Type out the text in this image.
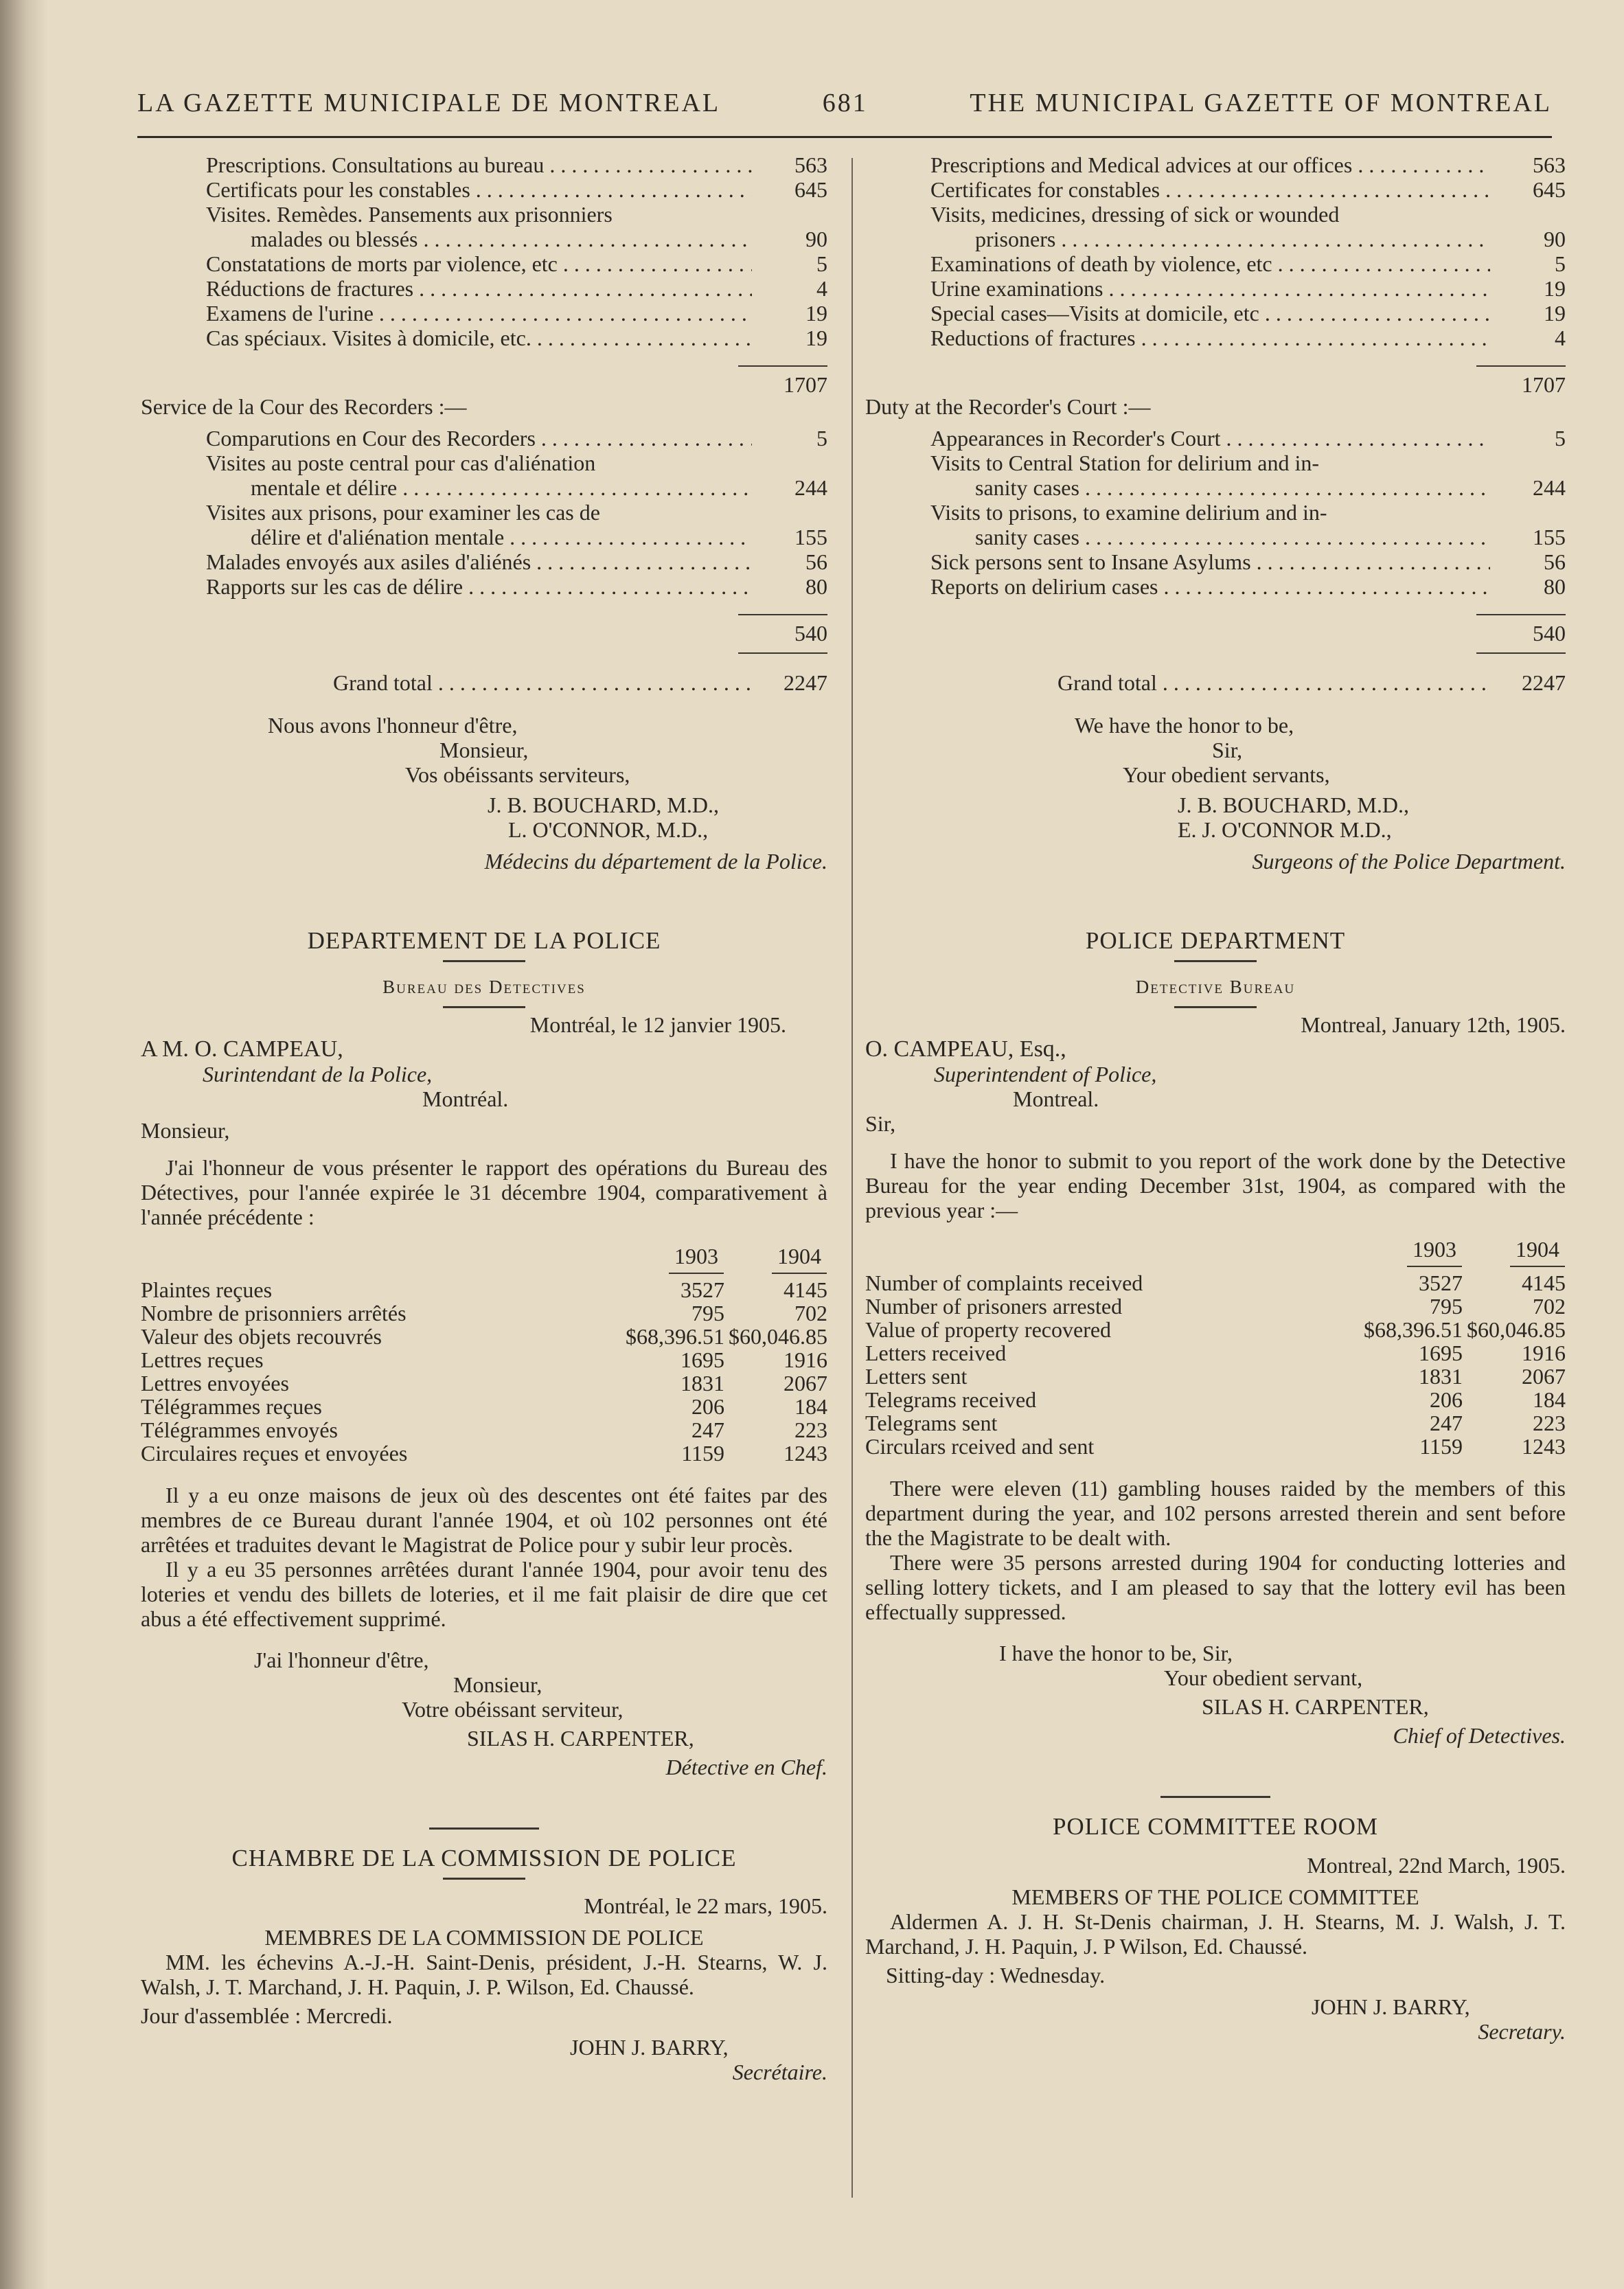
LA GAZETTE MUNICIPALE DE MONTREAL	681	THE MUNICIPAL GAZETTE OF MONTREAL
Prescriptions. Consultations au bureau . . .	563
Certificats pour les constables . . .	645
Visites. Remèdes. Pansements aux prisonniers
malades ou blessés . . .	90
Constatations de morts par violence, etc . . .	5
Réductions de fractures . . .	4
Examens de l'urine . . .	19
Cas spéciaux. Visites à domicile, etc. . . .	19
1707
Service de la Cour des Recorders :—
Comparutions en Cour des Recorders . . .	5
Visites au poste central pour cas d'aliénation
mentale et délire . . .	244
Visites aux prisons, pour examiner les cas de
délire et d'aliénation mentale . . .	155
Malades envoyés aux asiles d'aliénés . . .	56
Rapports sur les cas de délire . . .	80
540
Grand total . . .	2247
Nous avons l'honneur d'être,
Monsieur,
Vos obéissants serviteurs,
J. B. BOUCHARD, M.D.,
L. O'CONNOR, M.D.,
Médecins du département de la Police.
DEPARTEMENT DE LA POLICE
Bureau des Detectives
Montréal, le 12 janvier 1905.
A M. O. CAMPEAU,
Surintendant de la Police,
Montréal.
Monsieur,
J'ai l'honneur de vous présenter le rapport des opérations du Bureau des Détectives, pour l'année expirée le 31 décembre 1904, comparativement à l'année précédente :
	1903	1904
Plaintes reçues	3527	4145
Nombre de prisonniers arrêtés	795	702
Valeur des objets recouvrés	$68,396.51	$60,046.85
Lettres reçues	1695	1916
Lettres envoyées	1831	2067
Télégrammes reçues	206	184
Télégrammes envoyés	247	223
Circulaires reçues et envoyées	1159	1243
Il y a eu onze maisons de jeux où des descentes ont été faites par des membres de ce Bureau durant l'année 1904, et où 102 personnes ont été arrêtées et traduites devant le Magistrat de Police pour y subir leur procès.
Il y a eu 35 personnes arrêtées durant l'année 1904, pour avoir tenu des loteries et vendu des billets de loteries, et il me fait plaisir de dire que cet abus a été effectivement supprimé.
J'ai l'honneur d'être,
Monsieur,
Votre obéissant serviteur,
SILAS H. CARPENTER,
Détective en Chef.
CHAMBRE DE LA COMMISSION DE POLICE
Montréal, le 22 mars, 1905.
MEMBRES DE LA COMMISSION DE POLICE
MM. les échevins A.-J.-H. Saint-Denis, président, J.-H. Stearns, W. J. Walsh, J. T. Marchand, J. H. Paquin, J. P. Wilson, Ed. Chaussé.
Jour d'assemblée : Mercredi.
JOHN J. BARRY,
Secrétaire.
Prescriptions and Medical advices at our offices . . .	563
Certificates for constables . . .	645
Visits, medicines, dressing of sick or wounded
prisoners . . .	90
Examinations of death by violence, etc . . .	5
Urine examinations . . .	19
Special cases—Visits at domicile, etc . . .	19
Reductions of fractures . . .	4
1707
Duty at the Recorder's Court :—
Appearances in Recorder's Court . . .	5
Visits to Central Station for delirium and in-
sanity cases . . .	244
Visits to prisons, to examine delirium and in-
sanity cases . . .	155
Sick persons sent to Insane Asylums . . .	56
Reports on delirium cases . . .	80
540
Grand total . . .	2247
We have the honor to be,
Sir,
Your obedient servants,
J. B. BOUCHARD, M.D.,
E. J. O'CONNOR M.D.,
Surgeons of the Police Department.
POLICE DEPARTMENT
Detective Bureau
Montreal, January 12th, 1905.
O. CAMPEAU, Esq.,
Superintendent of Police,
Montreal.
Sir,
I have the honor to submit to you report of the work done by the Detective Bureau for the year ending December 31st, 1904, as compared with the previous year :—
	1903	1904
Number of complaints received	3527	4145
Number of prisoners arrested	795	702
Value of property recovered	$68,396.51	$60,046.85
Letters received	1695	1916
Letters sent	1831	2067
Telegrams received	206	184
Telegrams sent	247	223
Circulars rceived and sent	1159	1243
There were eleven (11) gambling houses raided by the members of this department during the year, and 102 persons arrested therein and sent before the the Magistrate to be dealt with.
There were 35 persons arrested during 1904 for conducting lotteries and selling lottery tickets, and I am pleased to say that the lottery evil has been effectually suppressed.
I have the honor to be, Sir,
Your obedient servant,
SILAS H. CARPENTER,
Chief of Detectives.
POLICE COMMITTEE ROOM
Montreal, 22nd March, 1905.
MEMBERS OF THE POLICE COMMITTEE
Aldermen A. J. H. St-Denis chairman, J. H. Stearns, M. J. Walsh, J. T. Marchand, J. H. Paquin, J. P Wilson, Ed. Chaussé.
Sitting-day : Wednesday.
JOHN J. BARRY,
Secretary.
